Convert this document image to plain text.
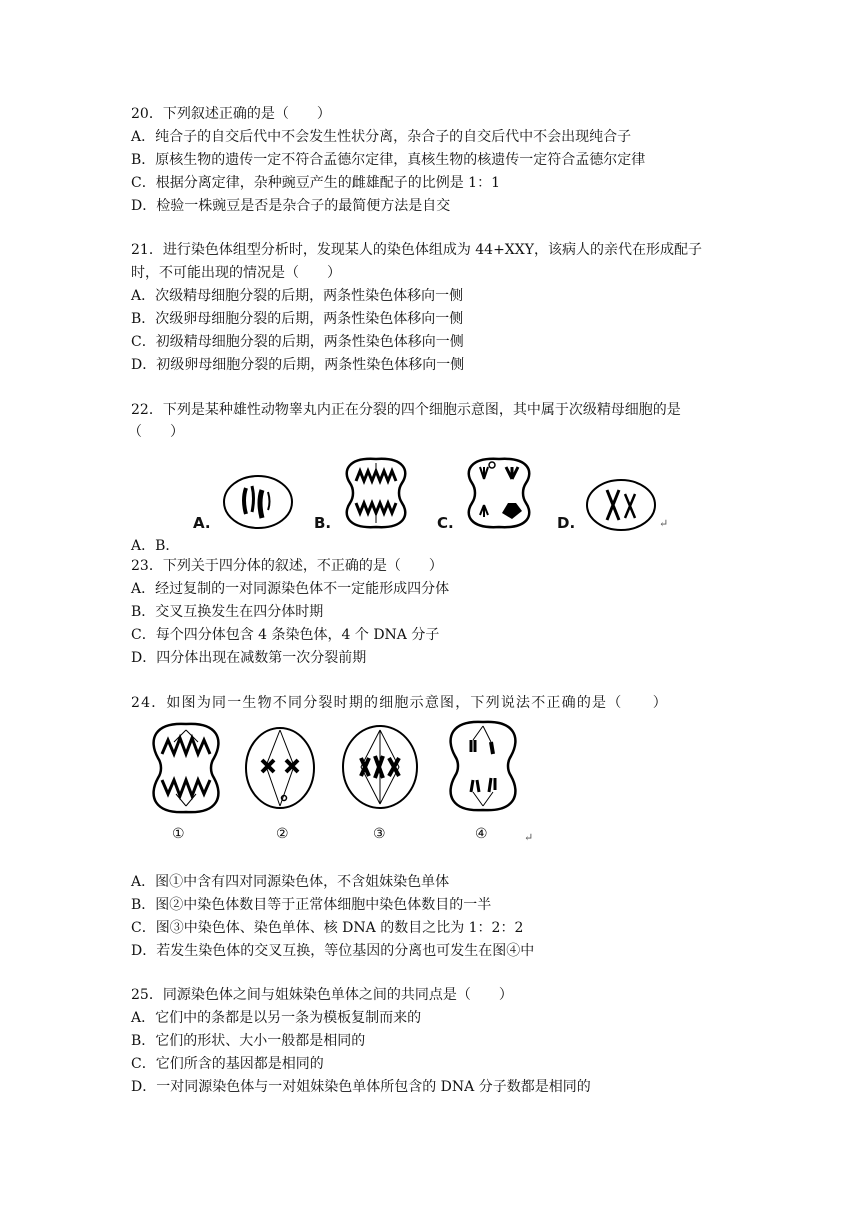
20．下列叙述正确的是（　　）
A．纯合子的自交后代中不会发生性状分离，杂合子的自交后代中不会出现纯合子
B．原核生物的遗传一定不符合孟德尔定律，真核生物的核遗传一定符合孟德尔定律
C．根据分离定律，杂种豌豆产生的雌雄配子的比例是 1：1
D．检验一株豌豆是否是杂合子的最简便方法是自交
21．进行染色体组型分析时，发现某人的染色体组成为 44+XXY，该病人的亲代在形成配子
时，不可能出现的情况是（　　）
A．次级精母细胞分裂的后期，两条性染色体移向一侧
B．次级卵母细胞分裂的后期，两条性染色体移向一侧
C．初级精母细胞分裂的后期，两条性染色体移向一侧
D．初级卵母细胞分裂的后期，两条性染色体移向一侧
22．下列是某种雄性动物睾丸内正在分裂的四个细胞示意图，其中属于次级精母细胞的是
（　　）
A.	B.	C.	D.	↵
A．B．
23．下列关于四分体的叙述，不正确的是（　　）
A．经过复制的一对同源染色体不一定能形成四分体
B．交叉互换发生在四分体时期
C．每个四分体包含 4 条染色体，4 个 DNA 分子
D．四分体出现在减数第一次分裂前期
24．如图为同一生物不同分裂时期的细胞示意图，下列说法不正确的是（　　）
①	②	③	④	↵
A．图①中含有四对同源染色体，不含姐妹染色单体
B．图②中染色体数目等于正常体细胞中染色体数目的一半
C．图③中染色体、染色单体、核 DNA 的数目之比为 1：2：2
D．若发生染色体的交叉互换，等位基因的分离也可发生在图④中
25．同源染色体之间与姐妹染色单体之间的共同点是（　　）
A．它们中的条都是以另一条为模板复制而来的
B．它们的形状、大小一般都是相同的
C．它们所含的基因都是相同的
D．一对同源染色体与一对姐妹染色单体所包含的 DNA 分子数都是相同的
